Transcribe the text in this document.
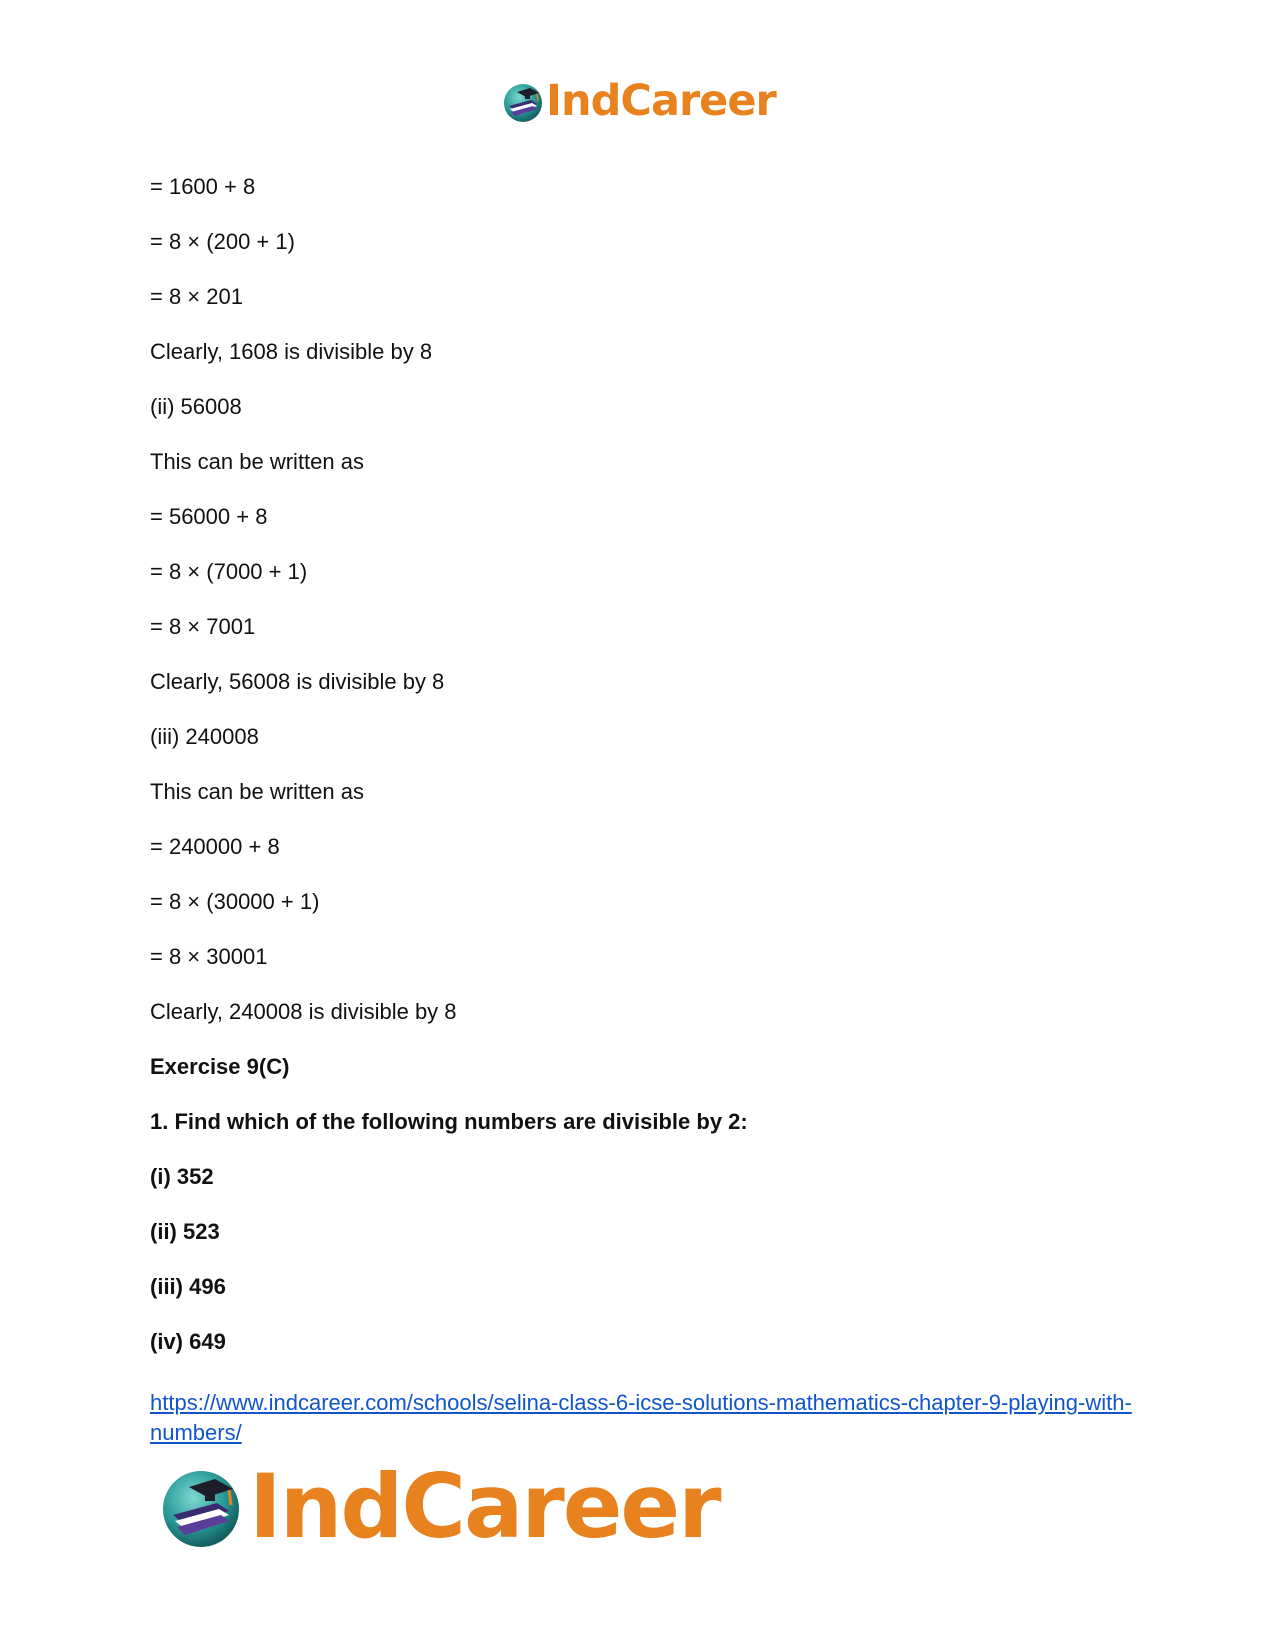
IndCareer
= 1600 + 8
= 8 × (200 + 1)
= 8 × 201
Clearly, 1608 is divisible by 8
(ii) 56008
This can be written as
= 56000 + 8
= 8 × (7000 + 1)
= 8 × 7001
Clearly, 56008 is divisible by 8
(iii) 240008
This can be written as
= 240000 + 8
= 8 × (30000 + 1)
= 8 × 30001
Clearly, 240008 is divisible by 8
Exercise 9(C)
1. Find which of the following numbers are divisible by 2:
(i) 352
(ii) 523
(iii) 496
(iv) 649
https://www.indcareer.com/schools/selina-class-6-icse-solutions-mathematics-chapter-9-playing-with-numbers/
IndCareer
